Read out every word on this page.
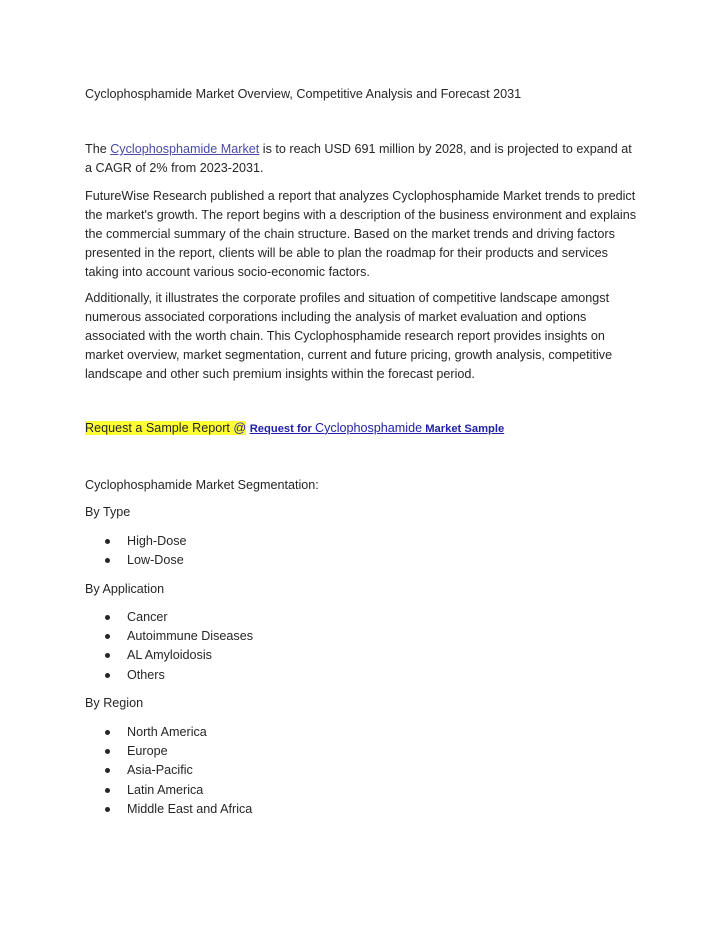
Cyclophosphamide Market Overview, Competitive Analysis and Forecast 2031
The Cyclophosphamide Market is to reach USD 691 million by 2028, and is projected to expand at a CAGR of 2% from 2023-2031.
FutureWise Research published a report that analyzes Cyclophosphamide Market trends to predict the market's growth. The report begins with a description of the business environment and explains the commercial summary of the chain structure. Based on the market trends and driving factors presented in the report, clients will be able to plan the roadmap for their products and services taking into account various socio-economic factors.
Additionally, it illustrates the corporate profiles and situation of competitive landscape amongst numerous associated corporations including the analysis of market evaluation and options associated with the worth chain. This Cyclophosphamide research report provides insights on market overview, market segmentation, current and future pricing, growth analysis, competitive landscape and other such premium insights within the forecast period.
Request a Sample Report @ Request for Cyclophosphamide Market Sample
Cyclophosphamide Market Segmentation:
By Type
High-Dose
Low-Dose
By Application
Cancer
Autoimmune Diseases
AL Amyloidosis
Others
By Region
North America
Europe
Asia-Pacific
Latin America
Middle East and Africa
